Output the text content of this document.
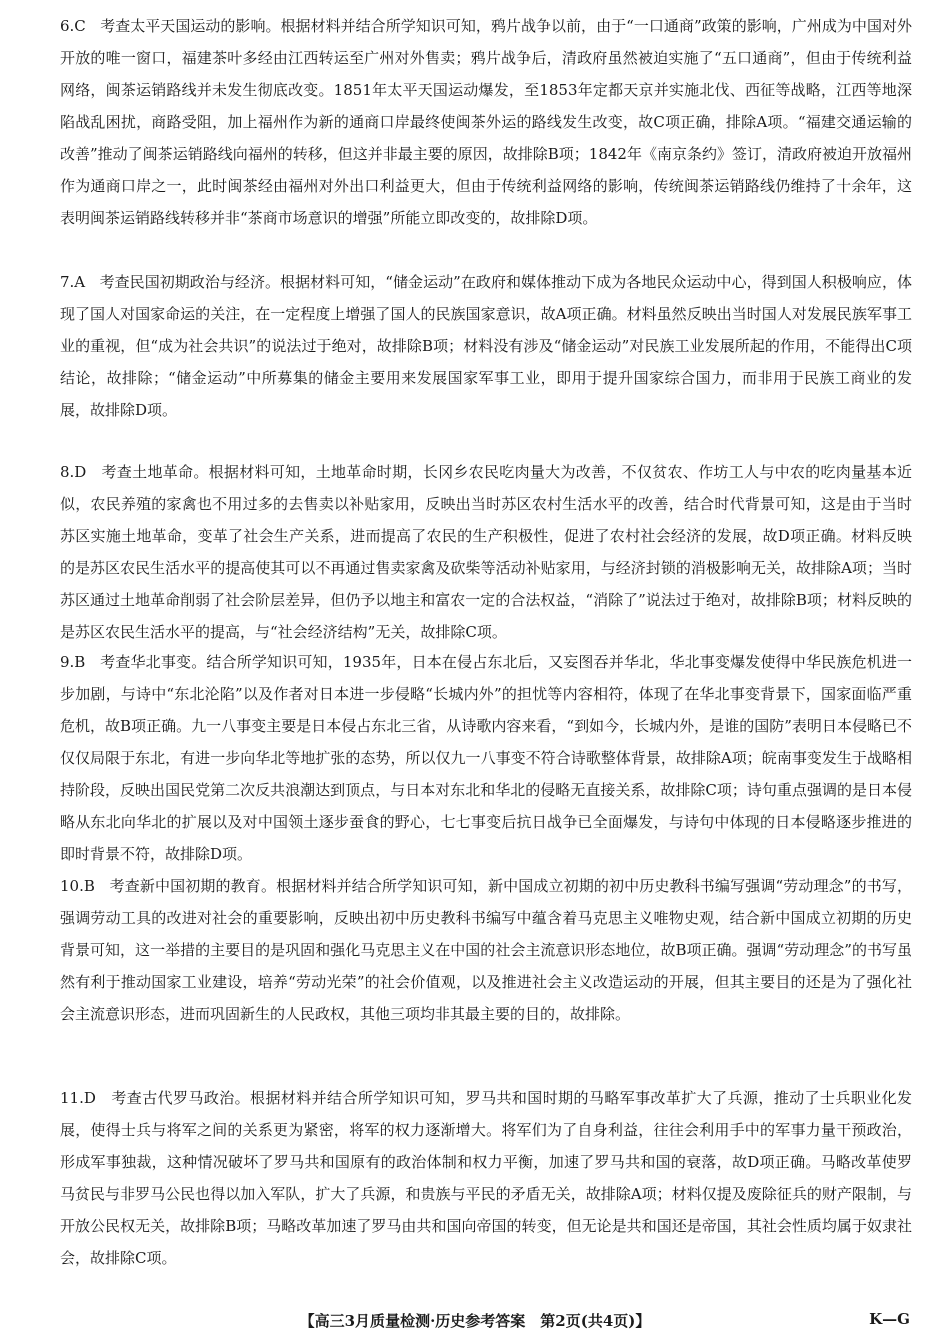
6.C 考查太平天国运动的影响。根据材料并结合所学知识可知，鸦片战争以前，由于“一口通商”政策的影响，广州成为中国对外开放的唯一窗口，福建茶叶多经由江西转运至广州对外售卖；鸦片战争后，清政府虽然被迫实施了“五口通商”，但由于传统利益网络，闽茶运销路线并未发生彻底改变。1851年太平天国运动爆发，至1853年定都天京并实施北伐、西征等战略，江西等地深陷战乱困扰，商路受阻，加上福州作为新的通商口岸最终使闽茶外运的路线发生改变，故C项正确，排除A项。“福建交通运输的改善”推动了闽茶运销路线向福州的转移，但这并非最主要的原因，故排除B项；1842年《南京条约》签订，清政府被迫开放福州作为通商口岸之一，此时闽茶经由福州对外出口利益更大，但由于传统利益网络的影响，传统闽茶运销路线仍维持了十余年，这表明闽茶运销路线转移并非“茶商市场意识的增强”所能立即改变的，故排除D项。
7.A 考查民国初期政治与经济。根据材料可知，“储金运动”在政府和媒体推动下成为各地民众运动中心，得到国人积极响应，体现了国人对国家命运的关注，在一定程度上增强了国人的民族国家意识，故A项正确。材料虽然反映出当时国人对发展民族军事工业的重视，但“成为社会共识”的说法过于绝对，故排除B项；材料没有涉及“储金运动”对民族工业发展所起的作用，不能得出C项结论，故排除；“储金运动”中所募集的储金主要用来发展国家军事工业，即用于提升国家综合国力，而非用于民族工商业的发展，故排除D项。
8.D 考查土地革命。根据材料可知，土地革命时期，长冈乡农民吃肉量大为改善，不仅贫农、作坊工人与中农的吃肉量基本近似，农民养殖的家禽也不用过多的去售卖以补贴家用，反映出当时苏区农村生活水平的改善，结合时代背景可知，这是由于当时苏区实施土地革命，变革了社会生产关系，进而提高了农民的生产积极性，促进了农村社会经济的发展，故D项正确。材料反映的是苏区农民生活水平的提高使其可以不再通过售卖家禽及砍柴等活动补贴家用，与经济封锁的消极影响无关，故排除A项；当时苏区通过土地革命削弱了社会阶层差异，但仍予以地主和富农一定的合法权益，“消除了”说法过于绝对，故排除B项；材料反映的是苏区农民生活水平的提高，与“社会经济结构”无关，故排除C项。
9.B 考查华北事变。结合所学知识可知，1935年，日本在侵占东北后，又妄图吞并华北，华北事变爆发使得中华民族危机进一步加剧，与诗中“东北沦陷”以及作者对日本进一步侵略“长城内外”的担忧等内容相符，体现了在华北事变背景下，国家面临严重危机，故B项正确。九一八事变主要是日本侵占东北三省，从诗歌内容来看，“到如今，长城内外，是谁的国防”表明日本侵略已不仅仅局限于东北，有进一步向华北等地扩张的态势，所以仅九一八事变不符合诗歌整体背景，故排除A项；皖南事变发生于战略相持阶段，反映出国民党第二次反共浪潮达到顶点，与日本对东北和华北的侵略无直接关系，故排除C项；诗句重点强调的是日本侵略从东北向华北的扩展以及对中国领土逐步蚕食的野心，七七事变后抗日战争已全面爆发，与诗句中体现的日本侵略逐步推进的即时背景不符，故排除D项。
10.B 考查新中国初期的教育。根据材料并结合所学知识可知，新中国成立初期的初中历史教科书编写强调“劳动理念”的书写，强调劳动工具的改进对社会的重要影响，反映出初中历史教科书编写中蕴含着马克思主义唯物史观，结合新中国成立初期的历史背景可知，这一举措的主要目的是巩固和强化马克思主义在中国的社会主流意识形态地位，故B项正确。强调“劳动理念”的书写虽然有利于推动国家工业建设，培养“劳动光荣”的社会价值观，以及推进社会主义改造运动的开展，但其主要目的还是为了强化社会主流意识形态，进而巩固新生的人民政权，其他三项均非其最主要的目的，故排除。
11.D 考查古代罗马政治。根据材料并结合所学知识可知，罗马共和国时期的马略军事改革扩大了兵源，推动了士兵职业化发展，使得士兵与将军之间的关系更为紧密，将军的权力逐渐增大。将军们为了自身利益，往往会利用手中的军事力量干预政治，形成军事独裁，这种情况破坏了罗马共和国原有的政治体制和权力平衡，加速了罗马共和国的衰落，故D项正确。马略改革使罗马贫民与非罗马公民也得以加入军队，扩大了兵源，和贵族与平民的矛盾无关，故排除A项；材料仅提及废除征兵的财产限制，与开放公民权无关，故排除B项；马略改革加速了罗马由共和国向帝国的转变，但无论是共和国还是帝国，其社会性质均属于奴隶社会，故排除C项。
【高三3月质量检测·历史参考答案　第2页(共4页)】	K—G
